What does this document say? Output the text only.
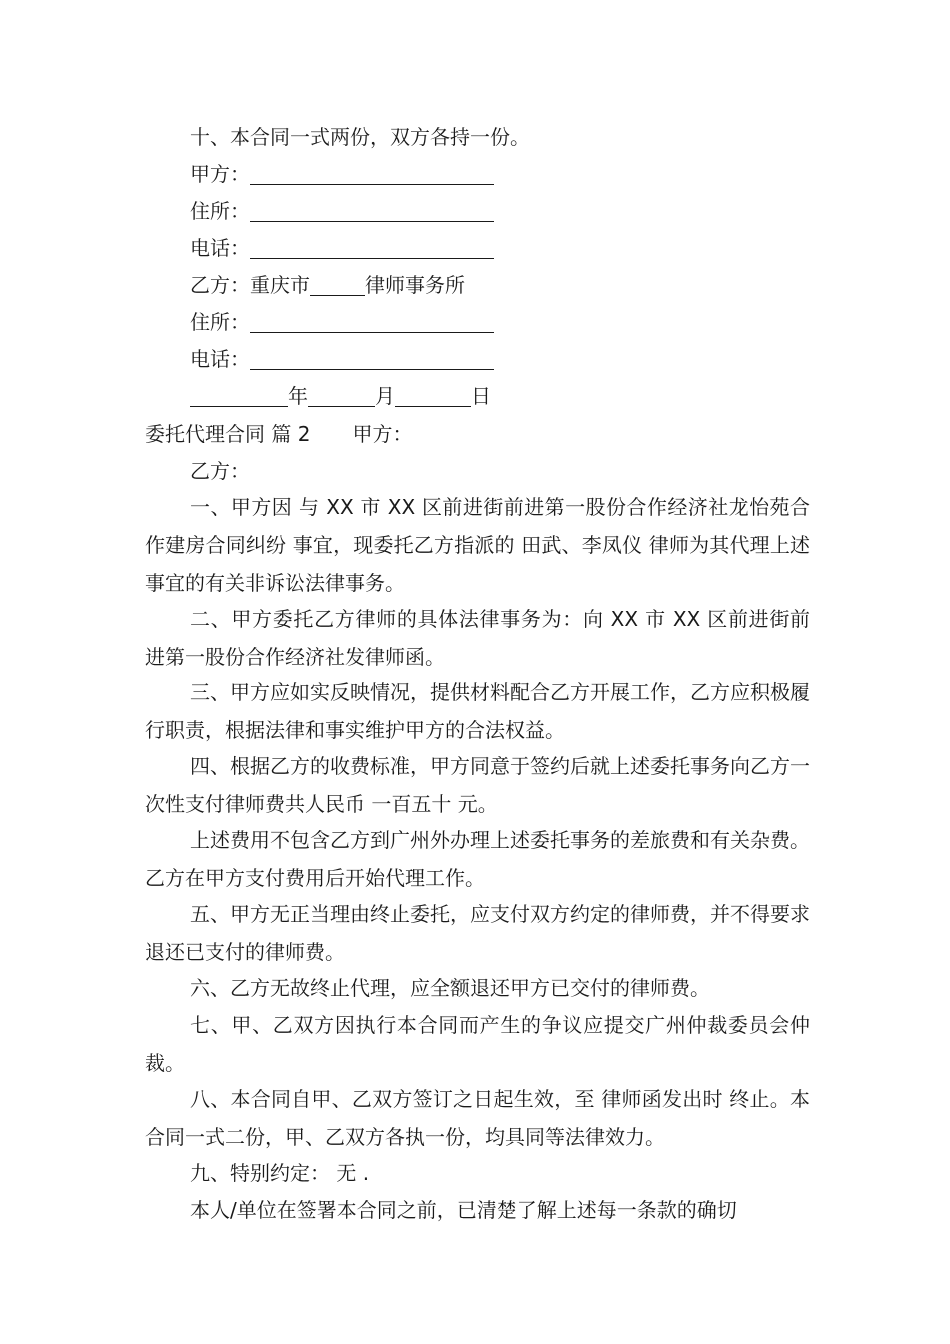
十、本合同一式两份，双方各持一份。
甲方：
住所：
电话：
乙方：重庆市	律师事务所
住所：
电话：
年	月	日
委托代理合同 篇 2 甲方：
乙方：

一、甲方因 与 XX 市 XX 区前进街前进第一股份合作经济社龙怡苑合作建房合同纠纷 事宜，现委托乙方指派的 田武、李凤仪 律师为其代理上述事宜的有关非诉讼法律事务。

二、甲方委托乙方律师的具体法律事务为：向 XX 市 XX 区前进街前进第一股份合作经济社发律师函。

三、甲方应如实反映情况，提供材料配合乙方开展工作，乙方应积极履行职责，根据法律和事实维护甲方的合法权益。

四、根据乙方的收费标准，甲方同意于签约后就上述委托事务向乙方一次性支付律师费共人民币 一百五十 元。

上述费用不包含乙方到广州外办理上述委托事务的差旅费和有关杂费。乙方在甲方支付费用后开始代理工作。

五、甲方无正当理由终止委托，应支付双方约定的律师费，并不得要求退还已支付的律师费。

六、乙方无故终止代理，应全额退还甲方已交付的律师费。

七、甲、乙双方因执行本合同而产生的争议应提交广州仲裁委员会仲裁。

八、本合同自甲、乙双方签订之日起生效，至 律师函发出时 终止。本合同一式二份，甲、乙双方各执一份，均具同等法律效力。

九、特别约定： 无 .

本人/单位在签署本合同之前，已清楚了解上述每一条款的确切
